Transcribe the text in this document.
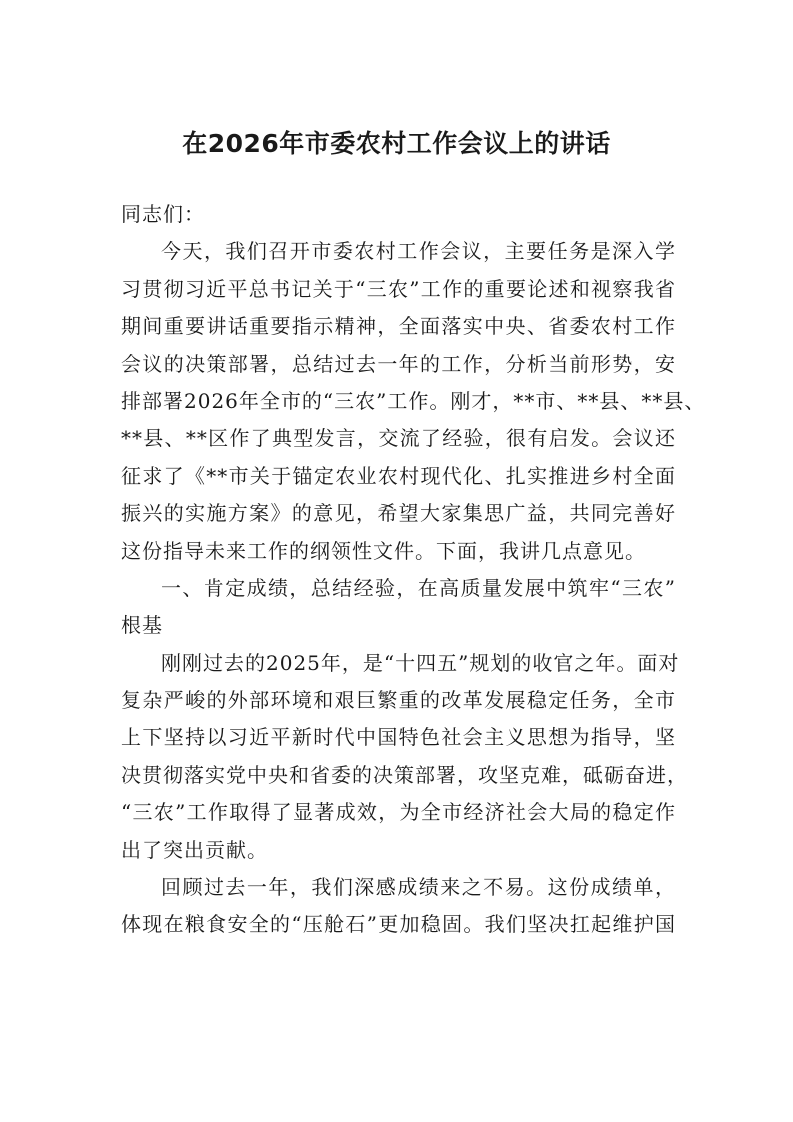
在2026年市委农村工作会议上的讲话
同志们：
今天，我们召开市委农村工作会议，主要任务是深入学
习贯彻习近平总书记关于“三农”工作的重要论述和视察我省
期间重要讲话重要指示精神，全面落实中央、省委农村工作
会议的决策部署，总结过去一年的工作，分析当前形势，安
排部署2026年全市的“三农”工作。刚才，**市、**县、**县、
**县、**区作了典型发言，交流了经验，很有启发。会议还
征求了《**市关于锚定农业农村现代化、扎实推进乡村全面
振兴的实施方案》的意见，希望大家集思广益，共同完善好
这份指导未来工作的纲领性文件。下面，我讲几点意见。
一、肯定成绩，总结经验，在高质量发展中筑牢“三农”
根基
刚刚过去的2025年，是“十四五”规划的收官之年。面对
复杂严峻的外部环境和艰巨繁重的改革发展稳定任务，全市
上下坚持以习近平新时代中国特色社会主义思想为指导，坚
决贯彻落实党中央和省委的决策部署，攻坚克难，砥砺奋进，
“三农”工作取得了显著成效，为全市经济社会大局的稳定作
出了突出贡献。
回顾过去一年，我们深感成绩来之不易。这份成绩单，
体现在粮食安全的“压舱石”更加稳固。我们坚决扛起维护国
